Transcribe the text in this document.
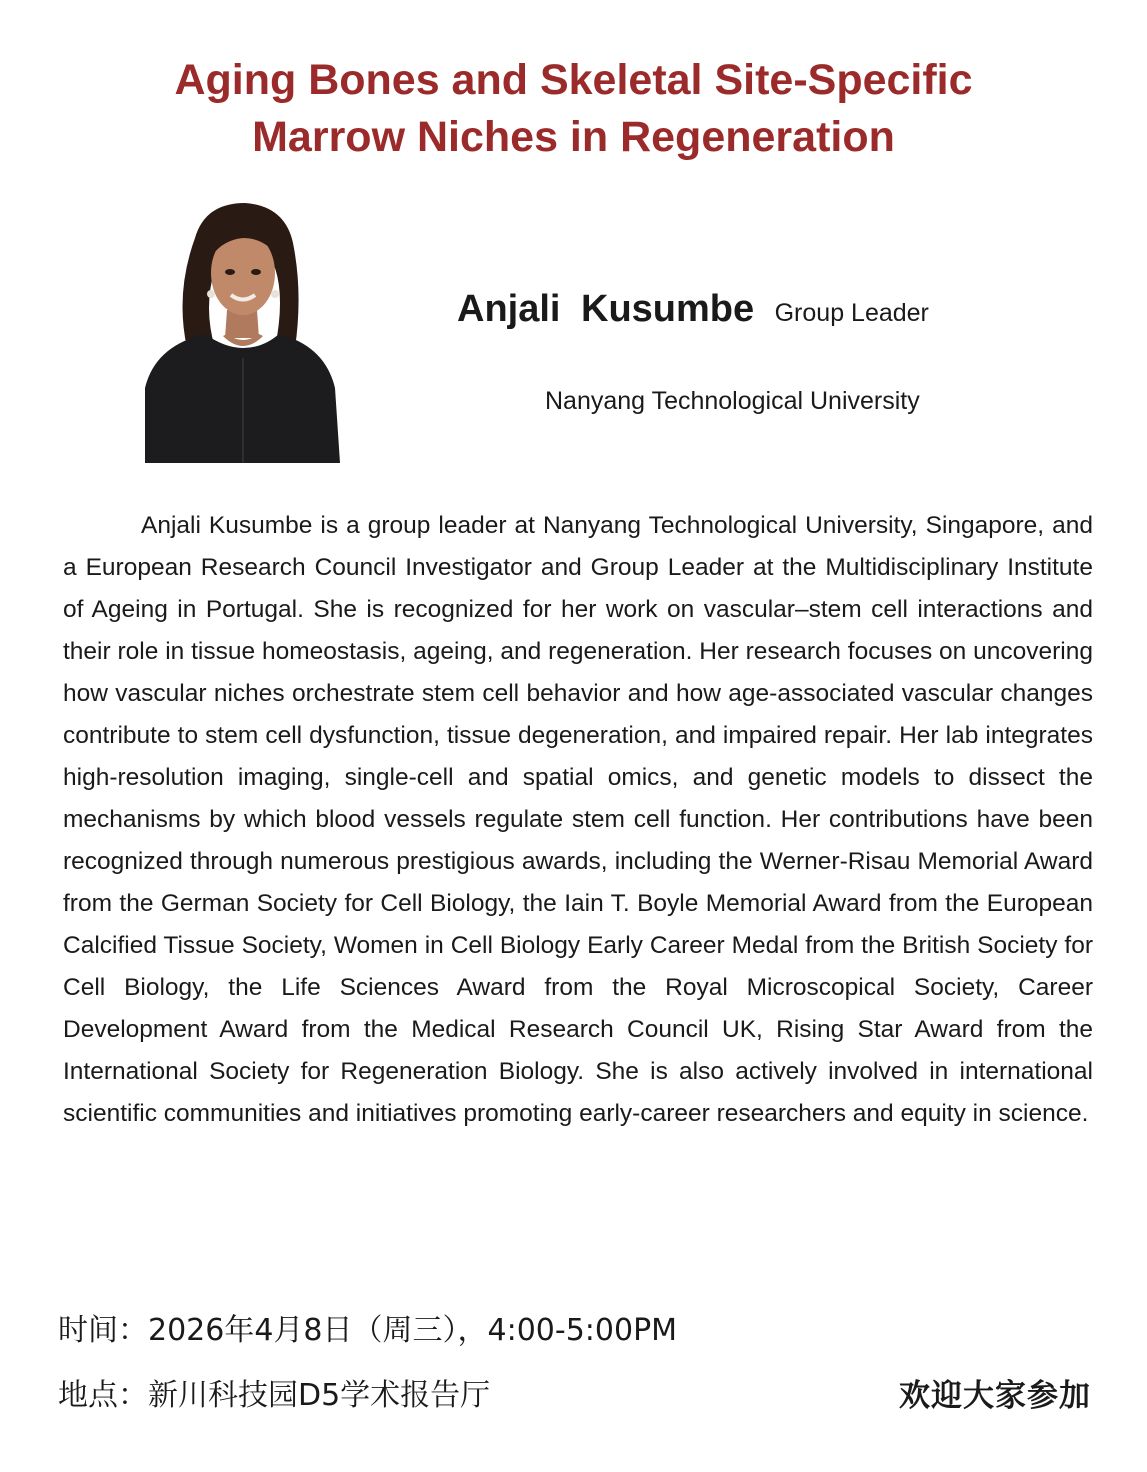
Aging Bones and Skeletal Site-Specific
Marrow Niches in Regeneration
Anjali Kusumbe Group Leader
Nanyang Technological University

Anjali Kusumbe is a group leader at Nanyang Technological University, Singapore, and a European Research Council Investigator and Group Leader at the Multidisciplinary Institute of Ageing in Portugal. She is recognized for her work on vascular–stem cell interactions and their role in tissue homeostasis, ageing, and regeneration. Her research focuses on uncovering how vascular niches orchestrate stem cell behavior and how age-associated vascular changes contribute to stem cell dysfunction, tissue degeneration, and impaired repair. Her lab integrates high-resolution imaging, single-cell and spatial omics, and genetic models to dissect the mechanisms by which blood vessels regulate stem cell function. Her contributions have been recognized through numerous prestigious awards, including the Werner-Risau Memorial Award from the German Society for Cell Biology, the Iain T. Boyle Memorial Award from the European Calcified Tissue Society, Women in Cell Biology Early Career Medal from the British Society for Cell Biology, the Life Sciences Award from the Royal Microscopical Society, Career Development Award from the Medical Research Council UK, Rising Star Award from the International Society for Regeneration Biology. She is also actively involved in international scientific communities and initiatives promoting early-career researchers and equity in science.

时间：2026年4月8日（周三），4:00-5:00PM
地点：新川科技园D5学术报告厅	欢迎大家参加
